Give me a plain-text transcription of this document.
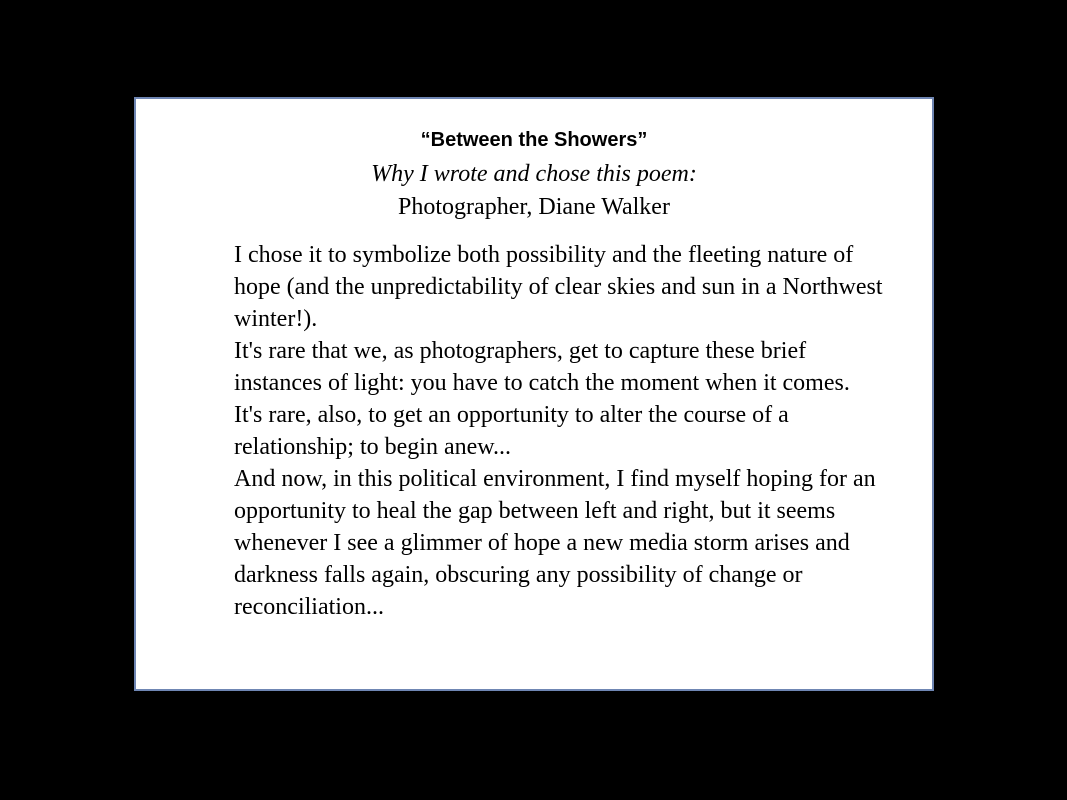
“Between the Showers”
Why I wrote and chose this poem:
Photographer, Diane Walker

I chose it to symbolize both possibility and the fleeting nature of hope (and the unpredictability of clear skies and sun in a Northwest winter!).

It's rare that we, as photographers, get to capture these brief instances of light: you have to catch the moment when it comes.

It's rare, also, to get an opportunity to alter the course of a relationship; to begin anew...

And now, in this political environment, I find myself hoping for an opportunity to heal the gap between left and right, but it seems whenever I see a glimmer of hope a new media storm arises and darkness falls again, obscuring any possibility of change or reconciliation...
